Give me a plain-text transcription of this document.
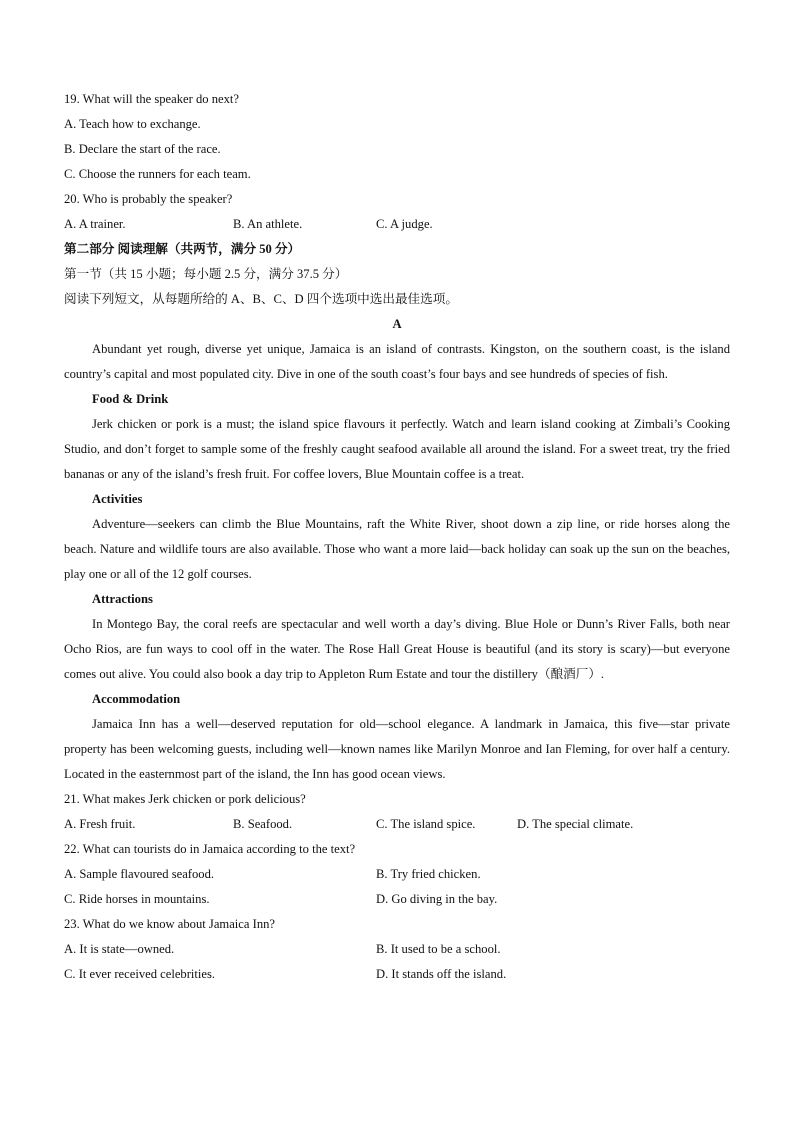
19. What will the speaker do next?
A. Teach how to exchange.
B. Declare the start of the race.
C. Choose the runners for each team.
20. Who is probably the speaker?
A. A trainer.	B. An athlete.	C. A judge.
第二部分 阅读理解（共两节，满分 50 分）
第一节（共 15 小题；每小题 2.5 分，满分 37.5 分）
阅读下列短文，从每题所给的 A、B、C、D 四个选项中选出最佳选项。
A
Abundant yet rough, diverse yet unique, Jamaica is an island of contrasts. Kingston, on the southern coast, is the island country’s capital and most populated city. Dive in one of the south coast’s four bays and see hundreds of species of fish.
Food & Drink
Jerk chicken or pork is a must; the island spice flavours it perfectly. Watch and learn island cooking at Zimbali’s Cooking Studio, and don’t forget to sample some of the freshly caught seafood available all around the island. For a sweet treat, try the fried bananas or any of the island’s fresh fruit. For coffee lovers, Blue Mountain coffee is a treat.
Activities
Adventure—seekers can climb the Blue Mountains, raft the White River, shoot down a zip line, or ride horses along the beach. Nature and wildlife tours are also available. Those who want a more laid—back holiday can soak up the sun on the beaches, play one or all of the 12 golf courses.
Attractions
In Montego Bay, the coral reefs are spectacular and well worth a day’s diving. Blue Hole or Dunn’s River Falls, both near Ocho Rios, are fun ways to cool off in the water. The Rose Hall Great House is beautiful (and its story is scary)—but everyone comes out alive. You could also book a day trip to Appleton Rum Estate and tour the distillery（酿酒厂）.
Accommodation
Jamaica Inn has a well—deserved reputation for old—school elegance. A landmark in Jamaica, this five—star private property has been welcoming guests, including well—known names like Marilyn Monroe and Ian Fleming, for over half a century. Located in the easternmost part of the island, the Inn has good ocean views.
21. What makes Jerk chicken or pork delicious?
A. Fresh fruit.	B. Seafood.	C. The island spice.	D. The special climate.
22. What can tourists do in Jamaica according to the text?
A. Sample flavoured seafood.	B. Try fried chicken.
C. Ride horses in mountains.	D. Go diving in the bay.
23. What do we know about Jamaica Inn?
A. It is state—owned.	B. It used to be a school.
C. It ever received celebrities.	D. It stands off the island.
